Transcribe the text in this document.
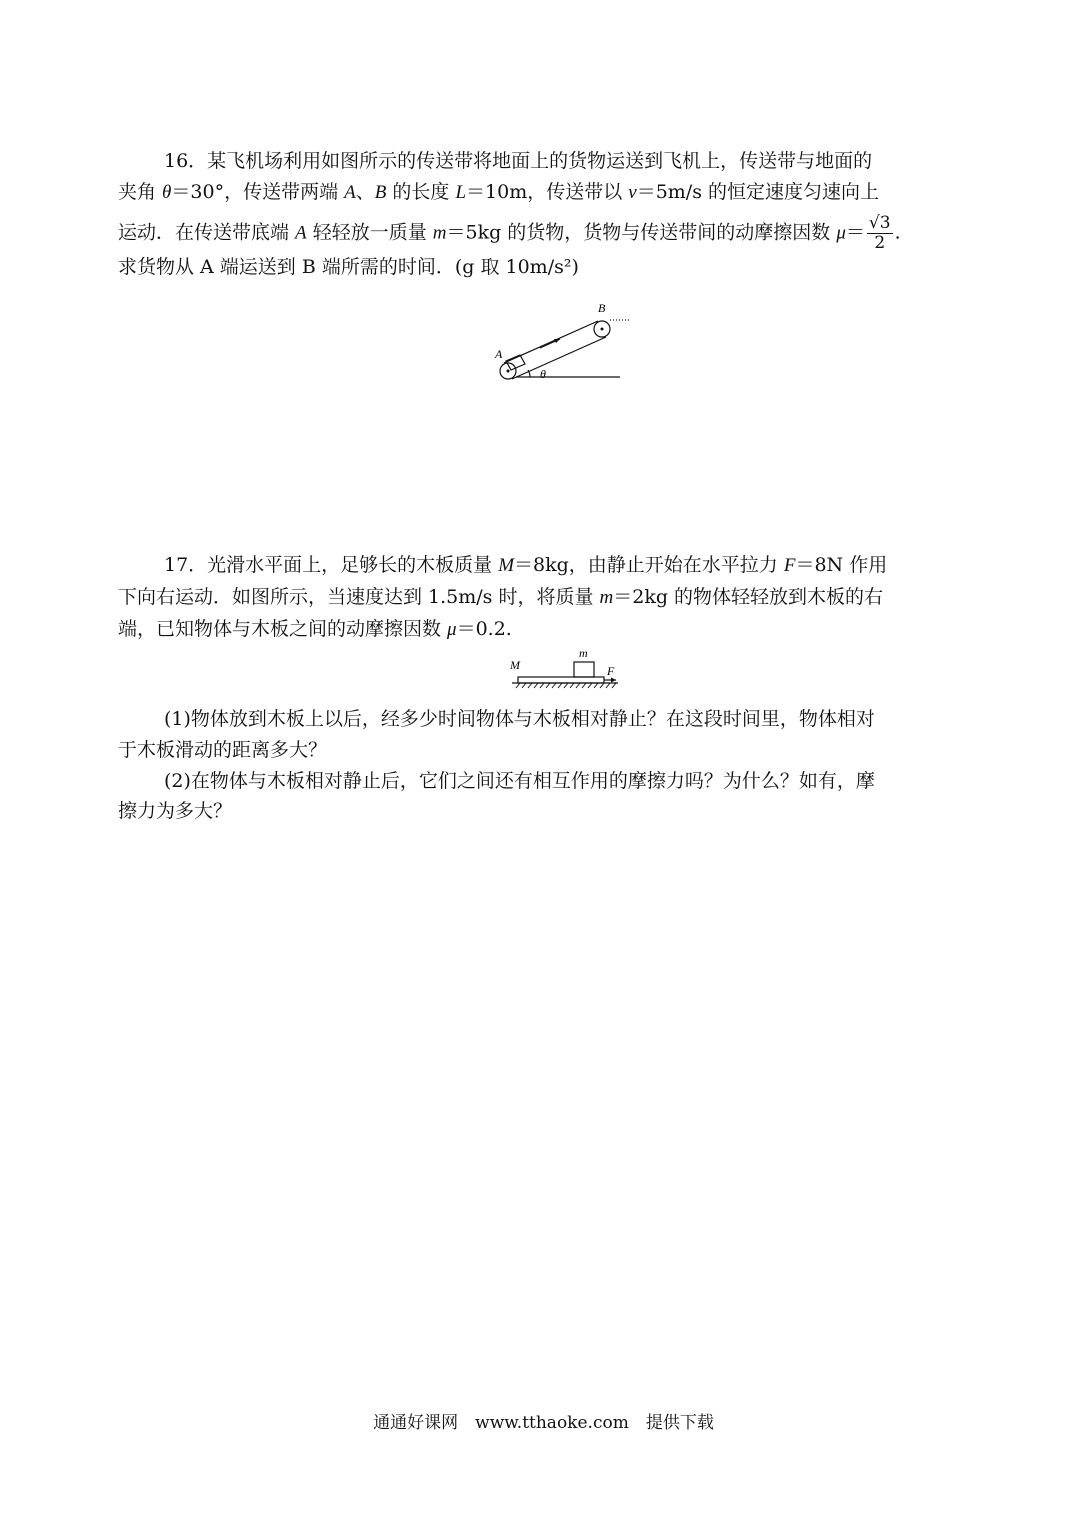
16．某飞机场利用如图所示的传送带将地面上的货物运送到飞机上，传送带与地面的
夹角 θ＝30°，传送带两端 A、B 的长度 L＝10m，传送带以 v＝5m/s 的恒定速度匀速向上
运动．在传送带底端 A 轻轻放一质量 m＝5kg 的货物，货物与传送带间的动摩擦因数 $\mu= \frac{√3}{2}$ .
求货物从 A 端运送到 B 端所需的时间．(g 取 10m/s²)
A
B
θ
17．光滑水平面上，足够长的木板质量 M＝8kg，由静止开始在水平拉力 F＝8N 作用
下向右运动．如图所示，当速度达到 1.5m/s 时，将质量 m＝2kg 的物体轻轻放到木板的右
端，已知物体与木板之间的动摩擦因数 μ＝0.2.
M
m
F
(1)物体放到木板上以后，经多少时间物体与木板相对静止？在这段时间里，物体相对
于木板滑动的距离多大？
(2)在物体与木板相对静止后，它们之间还有相互作用的摩擦力吗？为什么？如有，摩
擦力为多大？
通通好课网　www.tthaoke.com　提供下载
